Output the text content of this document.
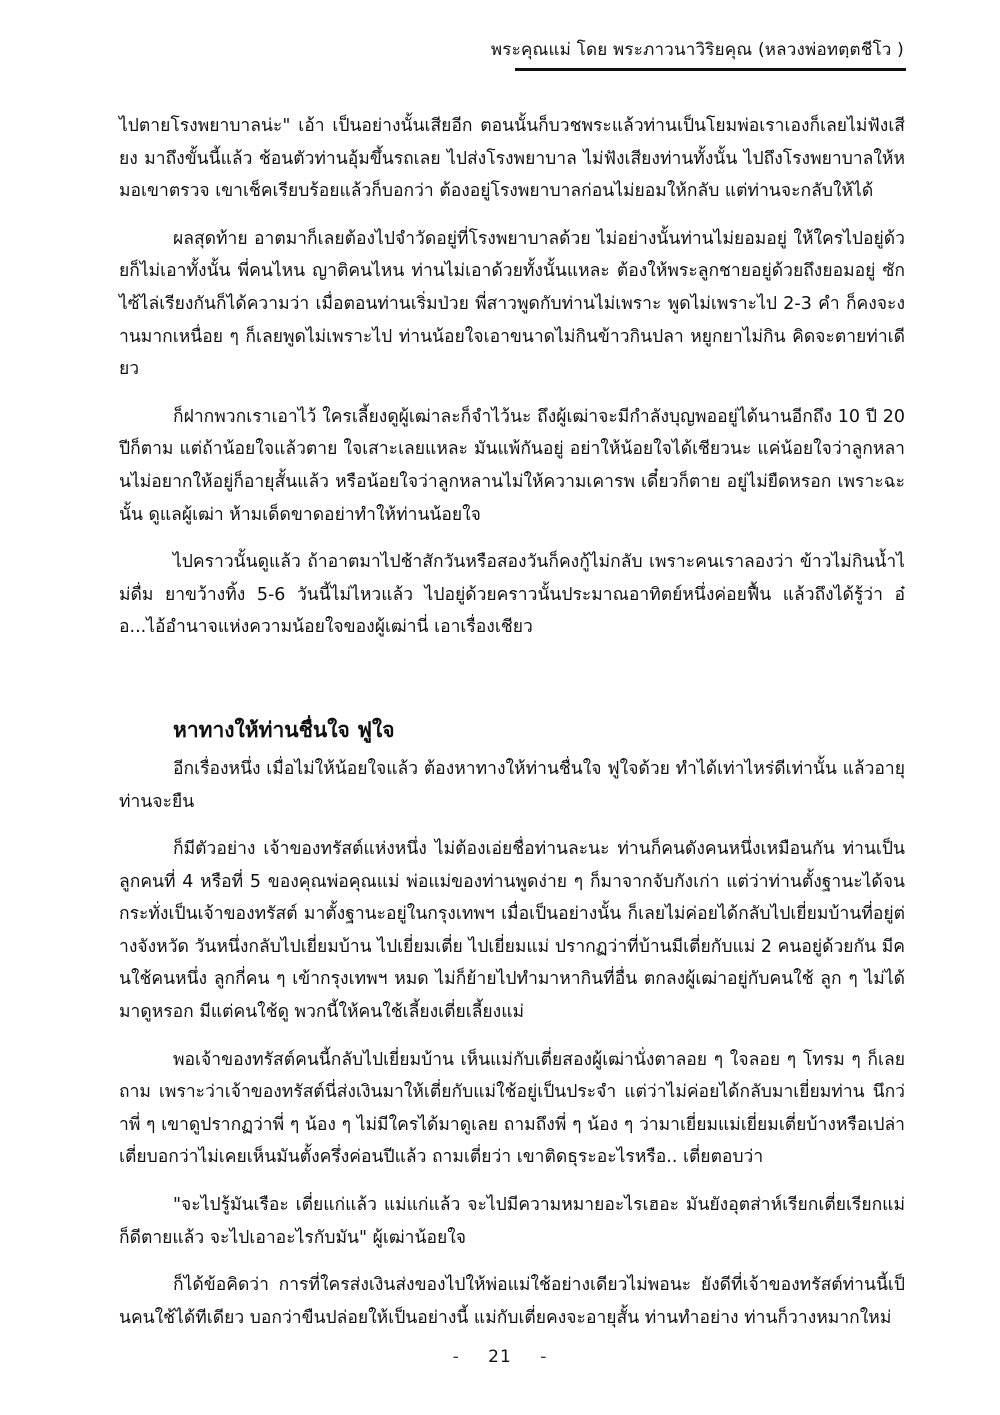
พระคุณแม่ โดย พระภาวนาวิริยคุณ (หลวงพ่อทตฺตชีโว )

ไปตายโรงพยาบาลน่ะ" เอ้า เป็นอย่างนั้นเสียอีก ตอนนั้นก็บวชพระแล้วท่านเป็นโยมพ่อเราเองก็เลยไม่ฟังเสียง มาถึงขั้นนี้แล้ว ช้อนตัวท่านอุ้มขึ้นรถเลย ไปส่งโรงพยาบาล ไม่ฟังเสียงท่านทั้งนั้น ไปถึงโรงพยาบาลให้หมอเขาตรวจ เขาเช็คเรียบร้อยแล้วก็บอกว่า ต้องอยู่โรงพยาบาลก่อนไม่ยอมให้กลับ แต่ท่านจะกลับให้ได้

ผลสุดท้าย อาตมาก็เลยต้องไปจำวัดอยู่ที่โรงพยาบาลด้วย ไม่อย่างนั้นท่านไม่ยอมอยู่ ให้ใครไปอยู่ด้วยก็ไม่เอาทั้งนั้น พี่คนไหน ญาติคนไหน ท่านไม่เอาด้วยทั้งนั้นแหละ ต้องให้พระลูกชายอยู่ด้วยถึงยอมอยู่ ซักไซ้ไล่เรียงกันก็ได้ความว่า เมื่อตอนท่านเริ่มป่วย พี่สาวพูดกับท่านไม่เพราะ พูดไม่เพราะไป 2-3 คำ ก็คงจะงานมากเหนื่อย ๆ ก็เลยพูดไม่เพราะไป ท่านน้อยใจเอาขนาดไม่กินข้าวกินปลา หยูกยาไม่กิน คิดจะตายท่าเดียว

ก็ฝากพวกเราเอาไว้ ใครเลี้ยงดูผู้เฒ่าละก็จำไว้นะ ถึงผู้เฒ่าจะมีกำลังบุญพออยู่ได้นานอีกถึง 10 ปี 20 ปีก็ตาม แต่ถ้าน้อยใจแล้วตาย ใจเสาะเลยแหละ มันแพ้กันอยู่ อย่าให้น้อยใจได้เชียวนะ แค่น้อยใจว่าลูกหลานไม่อยากให้อยู่ก็อายุสั้นแล้ว หรือน้อยใจว่าลูกหลานไม่ให้ความเคารพ เดี๋ยวก็ตาย อยู่ไม่ยืดหรอก เพราะฉะนั้น ดูแลผู้เฒ่า ห้ามเด็ดขาดอย่าทำให้ท่านน้อยใจ

ไปคราวนั้นดูแล้ว ถ้าอาตมาไปช้าสักวันหรือสองวันก็คงกู้ไม่กลับ เพราะคนเราลองว่า ข้าวไม่กินน้ำไม่ดื่ม ยาขว้างทิ้ง 5-6 วันนี้ไม่ไหวแล้ว ไปอยู่ด้วยคราวนั้นประมาณอาทิตย์หนึ่งค่อยฟื้น แล้วถึงได้รู้ว่า อ๋อ...ไอ้อำนาจแห่งความน้อยใจของผู้เฒ่านี่ เอาเรื่องเชียว

หาทางให้ท่านชื่นใจ ฟูใจ

อีกเรื่องหนึ่ง เมื่อไม่ให้น้อยใจแล้ว ต้องหาทางให้ท่านชื่นใจ ฟูใจด้วย ทำได้เท่าไหร่ดีเท่านั้น แล้วอายุท่านจะยืน

ก็มีตัวอย่าง เจ้าของทรัสต์แห่งหนึ่ง ไม่ต้องเอ่ยชื่อท่านละนะ ท่านก็คนดังคนหนึ่งเหมือนกัน ท่านเป็นลูกคนที่ 4 หรือที่ 5 ของคุณพ่อคุณแม่ พ่อแม่ของท่านพูดง่าย ๆ ก็มาจากจับกังเก่า แต่ว่าท่านตั้งฐานะได้จนกระทั่งเป็นเจ้าของทรัสต์ มาตั้งฐานะอยู่ในกรุงเทพฯ เมื่อเป็นอย่างนั้น ก็เลยไม่ค่อยได้กลับไปเยี่ยมบ้านที่อยู่ต่างจังหวัด วันหนึ่งกลับไปเยี่ยมบ้าน ไปเยี่ยมเตี่ย ไปเยี่ยมแม่ ปรากฏว่าที่บ้านมีเตี่ยกับแม่ 2 คนอยู่ด้วยกัน มีคนใช้คนหนึ่ง ลูกกี่คน ๆ เข้ากรุงเทพฯ หมด ไม่ก็ย้ายไปทำมาหากินที่อื่น ตกลงผู้เฒ่าอยู่กับคนใช้ ลูก ๆ ไม่ได้มาดูหรอก มีแต่คนใช้ดู พวกนี้ให้คนใช้เลี้ยงเตี่ยเลี้ยงแม่

พอเจ้าของทรัสต์คนนี้กลับไปเยี่ยมบ้าน เห็นแม่กับเตี่ยสองผู้เฒ่านั่งตาลอย ๆ ใจลอย ๆ โทรม ๆ ก็เลยถาม เพราะว่าเจ้าของทรัสต์นี่ส่งเงินมาให้เตี่ยกับแม่ใช้อยู่เป็นประจำ แต่ว่าไม่ค่อยได้กลับมาเยี่ยมท่าน นึกว่าพี่ ๆ เขาดูปรากฏว่าพี่ ๆ น้อง ๆ ไม่มีใครได้มาดูเลย ถามถึงพี่ ๆ น้อง ๆ ว่ามาเยี่ยมแม่เยี่ยมเตี่ยบ้างหรือเปล่า เตี่ยบอกว่าไม่เคยเห็นมันตั้งครึ่งค่อนปีแล้ว ถามเตี่ยว่า เขาติดธุระอะไรหรือ.. เตี่ยตอบว่า

"จะไปรู้มันเรือะ เตี่ยแก่แล้ว แม่แก่แล้ว จะไปมีความหมายอะไรเฮอะ มันยังอุตส่าห์เรียกเตี่ยเรียกแม่ก็ดีตายแล้ว จะไปเอาอะไรกับมัน" ผู้เฒ่าน้อยใจ

ก็ได้ข้อคิดว่า การที่ใครส่งเงินส่งของไปให้พ่อแม่ใช้อย่างเดียวไม่พอนะ ยังดีที่เจ้าของทรัสต์ท่านนี้เป็นคนใช้ได้ทีเดียว บอกว่าขืนปล่อยให้เป็นอย่างนี้ แม่กับเตี่ยคงจะอายุสั้น ท่านทำอย่าง ท่านก็วางหมากใหม่

- 21 -
